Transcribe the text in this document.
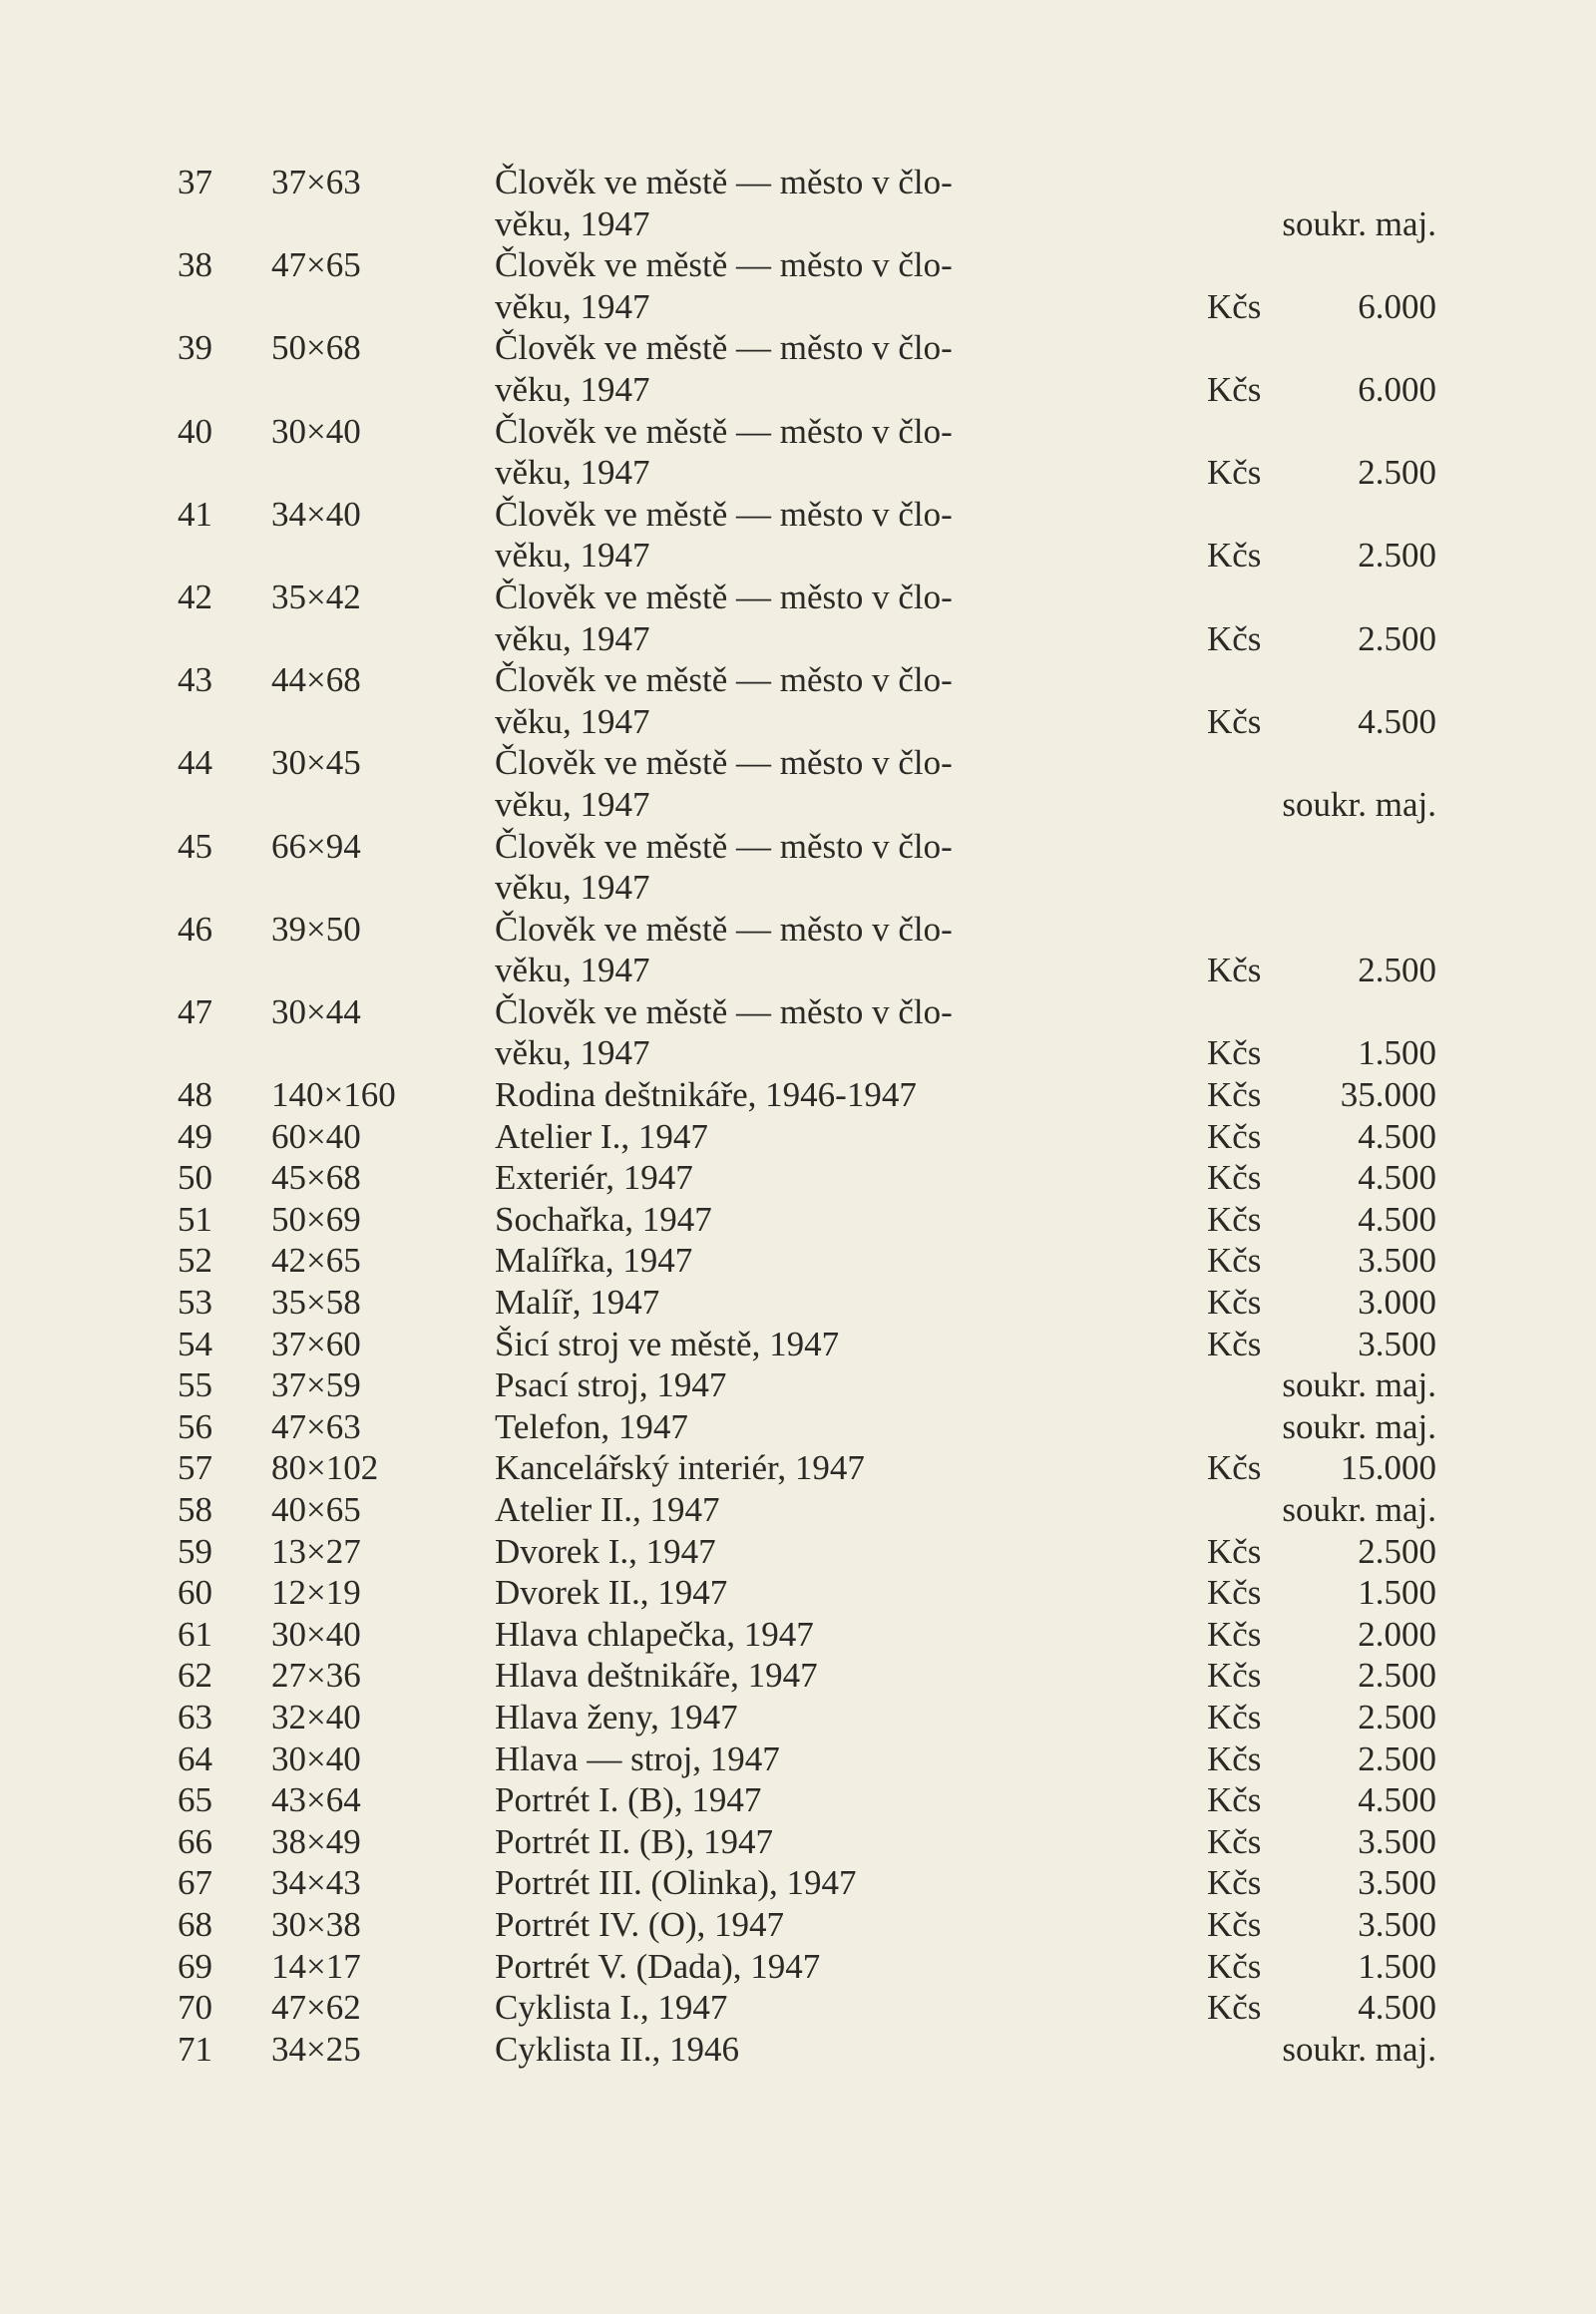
37	37×63	Člověk ve městě — město v člo-
věku, 1947	soukr. maj.
38	47×65	Člověk ve městě — město v člo-
věku, 1947	Kčs	6.000
39	50×68	Člověk ve městě — město v člo-
věku, 1947	Kčs	6.000
40	30×40	Člověk ve městě — město v člo-
věku, 1947	Kčs	2.500
41	34×40	Člověk ve městě — město v člo-
věku, 1947	Kčs	2.500
42	35×42	Člověk ve městě — město v člo-
věku, 1947	Kčs	2.500
43	44×68	Člověk ve městě — město v člo-
věku, 1947	Kčs	4.500
44	30×45	Člověk ve městě — město v člo-
věku, 1947	soukr. maj.
45	66×94	Člověk ve městě — město v člo-
věku, 1947
46	39×50	Člověk ve městě — město v člo-
věku, 1947	Kčs	2.500
47	30×44	Člověk ve městě — město v člo-
věku, 1947	Kčs	1.500
48	140×160	Rodina deštnikáře, 1946-1947	Kčs 35.000
49	60×40	Atelier I., 1947	Kčs	4.500
50	45×68	Exteriér, 1947	Kčs	4.500
51	50×69	Sochařka, 1947	Kčs	4.500
52	42×65	Malířka, 1947	Kčs	3.500
53	35×58	Malíř, 1947	Kčs	3.000
54	37×60	Šicí stroj ve městě, 1947	Kčs	3.500
55	37×59	Psací stroj, 1947	soukr. maj.
56	47×63	Telefon, 1947	soukr. maj.
57	80×102	Kancelářský interiér, 1947	Kčs 15.000
58	40×65	Atelier II., 1947	soukr. maj.
59	13×27	Dvorek I., 1947	Kčs	2.500
60	12×19	Dvorek II., 1947	Kčs	1.500
61	30×40	Hlava chlapečka, 1947	Kčs	2.000
62	27×36	Hlava deštnikáře, 1947	Kčs	2.500
63	32×40	Hlava ženy, 1947	Kčs	2.500
64	30×40	Hlava — stroj, 1947	Kčs	2.500
65	43×64	Portrét I. (B), 1947	Kčs	4.500
66	38×49	Portrét II. (B), 1947	Kčs	3.500
67	34×43	Portrét III. (Olinka), 1947	Kčs	3.500
68	30×38	Portrét IV. (O), 1947	Kčs	3.500
69	14×17	Portrét V. (Dada), 1947	Kčs	1.500
70	47×62	Cyklista I., 1947	Kčs	4.500
71	34×25	Cyklista II., 1946	soukr. maj.
